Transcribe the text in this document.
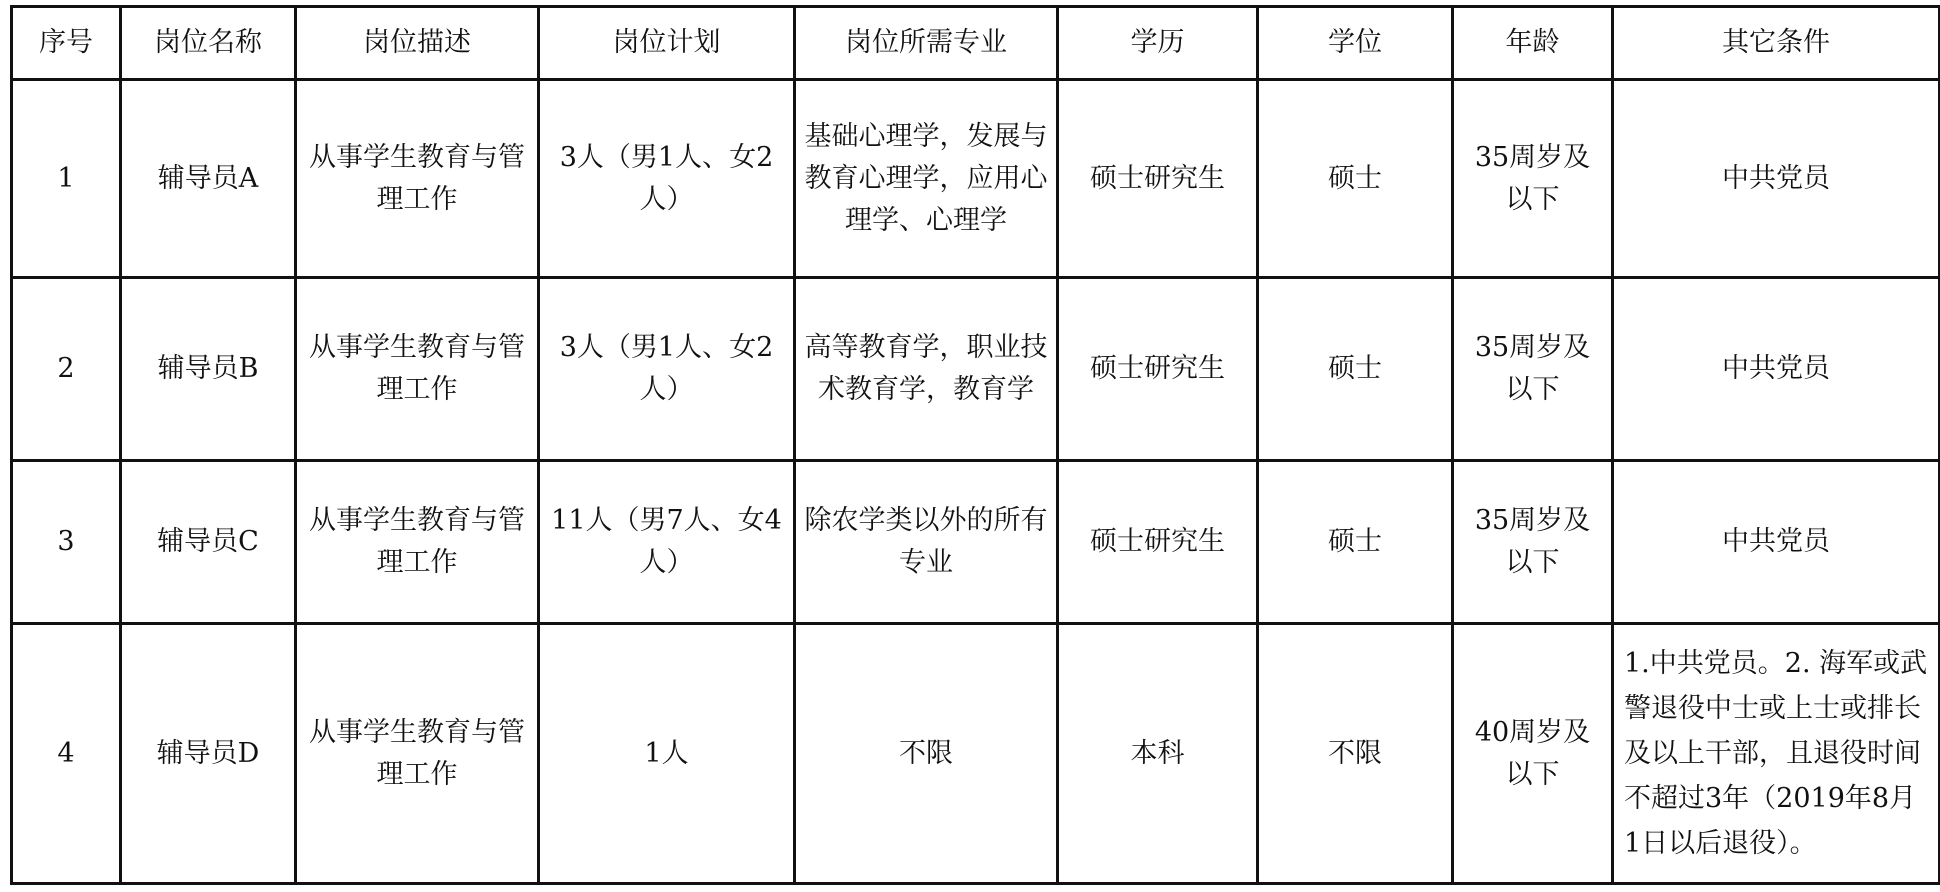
序号	岗位名称	岗位描述	岗位计划	岗位所需专业	学历	学位	年龄	其它条件
1	辅导员A	从事学生教育与管理工作	3人（男1人、女2人）	基础心理学，发展与教育心理学，应用心理学、心理学	硕士研究生	硕士	35周岁及以下	中共党员
2	辅导员B	从事学生教育与管理工作	3人（男1人、女2人）	高等教育学，职业技术教育学，教育学	硕士研究生	硕士	35周岁及以下	中共党员
3	辅导员C	从事学生教育与管理工作	11人（男7人、女4人）	除农学类以外的所有专业	硕士研究生	硕士	35周岁及以下	中共党员
4	辅导员D	从事学生教育与管理工作	1人	不限	本科	不限	40周岁及以下	1.中共党员。2. 海军或武警退役中士或上士或排长及以上干部，且退役时间不超过3年（2019年8月1日以后退役）。
